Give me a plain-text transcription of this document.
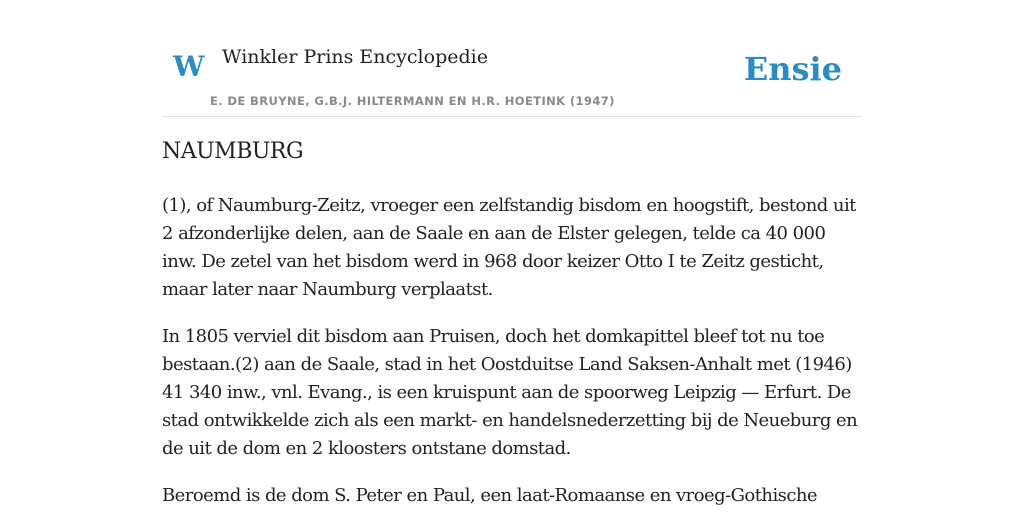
W Winkler Prins Encyclopedie
E. DE BRUYNE, G.B.J. HILTERMANN EN H.R. HOETINK (1947)
Ensie
NAUMBURG

(1), of Naumburg-Zeitz, vroeger een zelfstandig bisdom en hoogstift, bestond uit 2 afzonderlijke delen, aan de Saale en aan de Elster gelegen, telde ca 40 000 inw. De zetel van het bisdom werd in 968 door keizer Otto I te Zeitz gesticht, maar later naar Naumburg verplaatst.

In 1805 verviel dit bisdom aan Pruisen, doch het domkapittel bleef tot nu toe bestaan.(2) aan de Saale, stad in het Oostduitse Land Saksen-Anhalt met (1946) 41 340 inw., vnl. Evang., is een kruispunt aan de spoorweg Leipzig — Erfurt. De stad ontwikkelde zich als een markt- en handelsnederzetting bij de Neueburg en de uit de dom en 2 kloosters ontstane domstad.

Beroemd is de dom S. Peter en Paul, een laat-Romaanse en vroeg-Gothische
